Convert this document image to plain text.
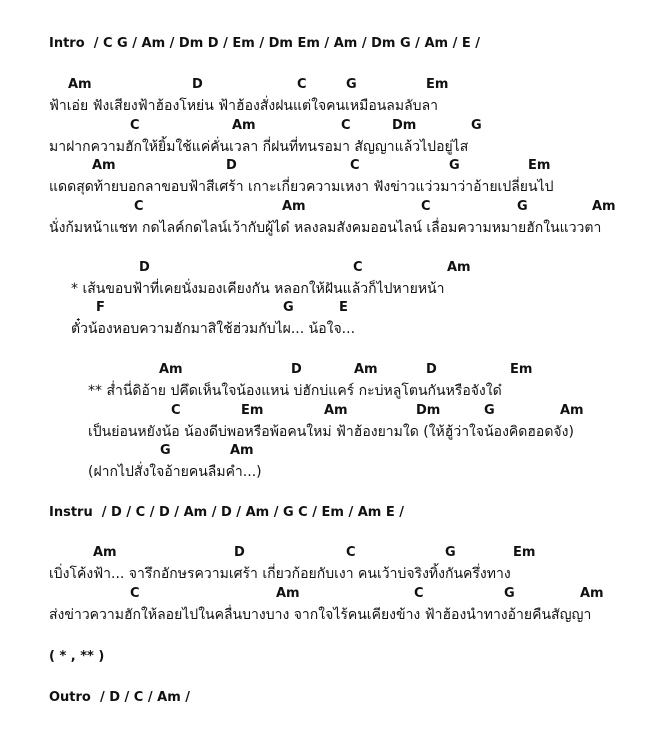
Intro / C G / Am / Dm D / Em / Dm Em / Am / Dm G / Am / E /
Am	D	C	G	Em
ฟ้าเอ่ย ฟังเสียงฟ้าฮ้องโหย่น ฟ้าฮ้องสั่งฝนแต่ใจคนเหมือนลมลับลา
C	Am	C	Dm	G
มาฝากความฮักให้ยิ้มใช้แค่คั่นเวลา กี่ฝนที่ทนรอมา สัญญาแล้วไปอยู่ไส
Am	D	C	G	Em
แดดสุดท้ายบอกลาขอบฟ้าสีเศร้า เกาะเกี่ยวความเหงา ฟังข่าวแว่วมาว่าอ้ายเปลี่ยนไป
C	Am	C	G	Am
นั่งก้มหน้าแชท กดไลค์กดไลน์เว้ากับผู้ได๋ หลงลมสังคมออนไลน์ เลื่อมความหมายฮักในแววตา
D	C	Am
* เส้นขอบฟ้าที่เคยนั่งมองเคียงกัน หลอกให้ฝันแล้วก็ไปหายหน้า
F	G	E
ตั๋วน้องหอบความฮักมาสิใช้ฮ่วมกับไผ... น้อใจ...
Am	D	Am	D	Em
** ส่ำนี่ดิอ้าย ปคึดเห็นใจน้องแหน่ บ่ฮักบ่แคร์ กะบ่หลูโตนกันหรือจังใด๋
C	Em	Am	Dm	G	Am
เป็นย่อนหยังน้อ น้องดีบ่พอหรือพ้อคนใหม่ ฟ้าฮ้องยามใด (ให้ฮู้ว่าใจน้องคิดฮอดจัง)
G	Am
(ฝากไปสั่งใจอ้ายคนลืมคำ...)
Instru / D / C / D / Am / D / Am / G C / Em / Am E /
Am	D	C	G	Em
เบิ่งโค้งฟ้า... จารึกอักษรความเศร้า เกี่ยวก้อยกับเงา คนเว้าบ่จริงทิ้งกันครึ่งทาง
C	Am	C	G	Am
ส่งข่าวความฮักให้ลอยไปในคลื่นบางบาง จากใจไร้คนเคียงข้าง ฟ้าฮ้องนำทางอ้ายคืนสัญญา
( * , ** )
Outro / D / C / Am /
